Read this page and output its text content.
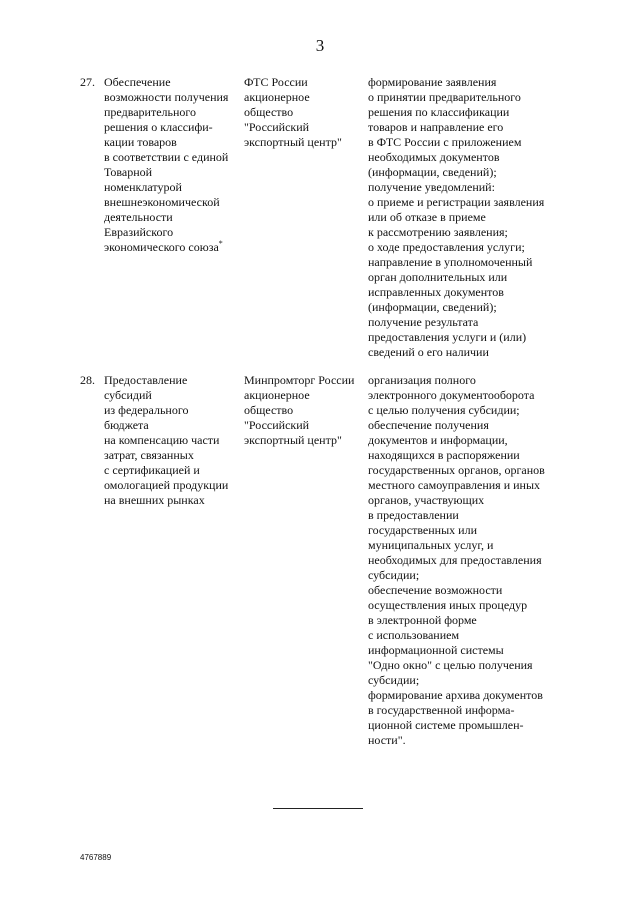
3
27. Обеспечение
возможности получения
предварительного
решения о классифи-
кации товаров
в соответствии с единой
Товарной
номенклатурой
внешнеэкономической
деятельности
Евразийского
экономического союза*
ФТС России
акционерное
общество
"Российский
экспортный центр"
формирование заявления
о принятии предварительного
решения по классификации
товаров и направление его
в ФТС России с приложением
необходимых документов
(информации, сведений);
получение уведомлений:
о приеме и регистрации заявления
или об отказе в приеме
к рассмотрению заявления;
о ходе предоставления услуги;
направление в уполномоченный
орган дополнительных или
исправленных документов
(информации, сведений);
получение результата
предоставления услуги и (или)
сведений о его наличии
28. Предоставление
субсидий
из федерального
бюджета
на компенсацию части
затрат, связанных
с сертификацией и
омологацией продукции
на внешних рынках
Минпромторг России
акционерное
общество
"Российский
экспортный центр"
организация полного
электронного документооборота
с целью получения субсидии;
обеспечение получения
документов и информации,
находящихся в распоряжении
государственных органов, органов
местного самоуправления и иных
органов, участвующих
в предоставлении
государственных или
муниципальных услуг, и
необходимых для предоставления
субсидии;
обеспечение возможности
осуществления иных процедур
в электронной форме
с использованием
информационной системы
"Одно окно" с целью получения
субсидии;
формирование архива документов
в государственной информа-
ционной системе промышлен-
ности".
4767889
